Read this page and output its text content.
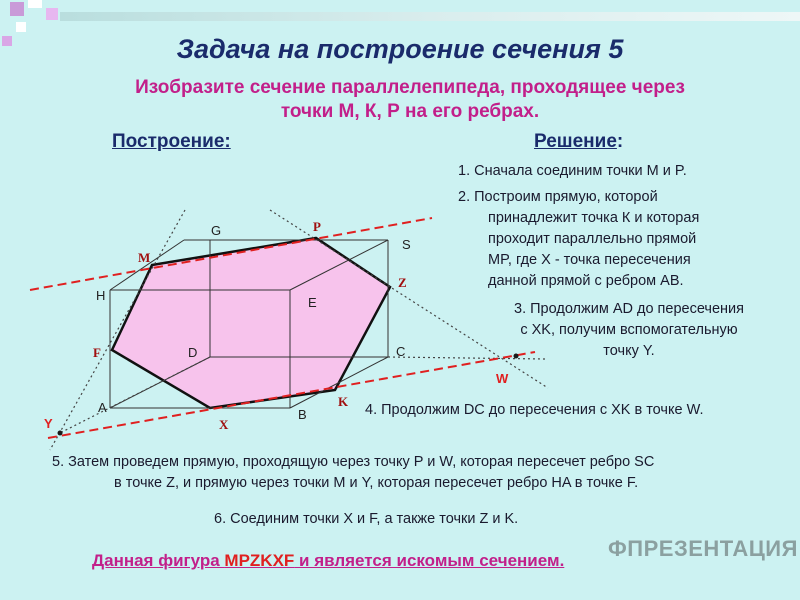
Задача на построение сечения 5
Изобразите сечение параллелепипеда, проходящее через
точки М, К, Р на его ребрах.
Построение:	Решение:
1. Сначала соединим точки M и P.
2. Построим прямую, которой
принадлежит точка К и которая
проходит параллельно прямой
MP, где Х - точка пересечения
данной прямой с ребром АВ.
3. Продолжим AD до пересечения
с XK, получим вспомогательную
точку Y.
4. Продолжим DC до пересечения с XK в точке W.
5. Затем проведем прямую, проходящую через точку P и W, которая пересечет ребро SC
в точке Z, и прямую через точки M и Y, которая пересечет ребро HA в точке F.
6. Соединим точки X и F, а также точки Z и K.
Данная фигура MPZKXF и является искомым сечением. ФПРЕЗЕНТАЦИЯ
G
S
H	E
D	C
A	B
M
P
Z
F
K
X
Y
W
